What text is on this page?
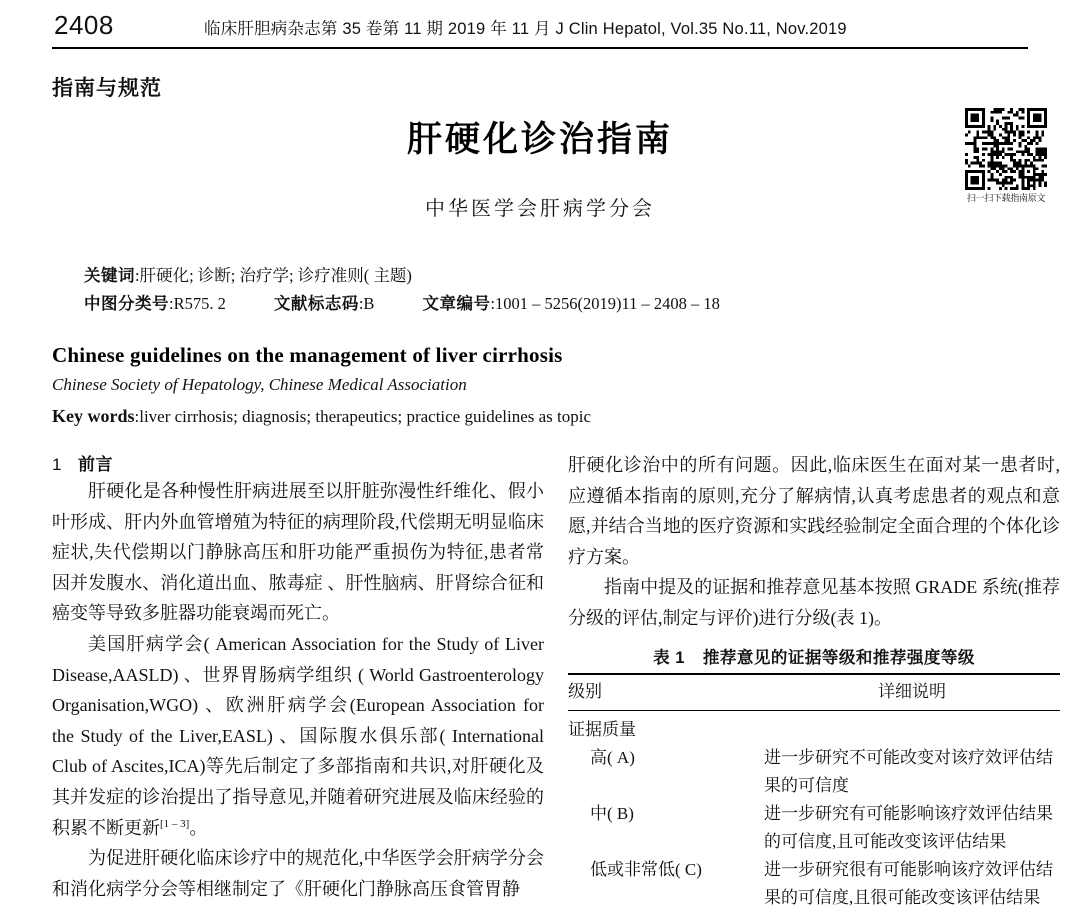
2408	临床肝胆病杂志第 35 卷第 11 期 2019 年 11 月 J Clin Hepatol, Vol.35 No.11, Nov.2019
指南与规范
扫一扫下载指南原文
肝硬化诊治指南
中华医学会肝病学分会
关键词:肝硬化; 诊断; 治疗学; 诊疗准则( 主题)
中图分类号:R575. 2	文献标志码:B	文章编号:1001 – 5256(2019)11 – 2408 – 18
Chinese guidelines on the management of liver cirrhosis
Chinese Society of Hepatology, Chinese Medical Association
Key words:liver cirrhosis; diagnosis; therapeutics; practice guidelines as topic
1 前言

肝硬化是各种慢性肝病进展至以肝脏弥漫性纤维化、假小叶形成、肝内外血管增殖为特征的病理阶段,代偿期无明显临床症状,失代偿期以门静脉高压和肝功能严重损伤为特征,患者常因并发腹水、消化道出血、脓毒症 、肝性脑病、肝肾综合征和癌变等导致多脏器功能衰竭而死亡。

美国肝病学会( American Association for the Study of Liver Disease,AASLD) 、世界胃肠病学组织 ( World Gastroenterology Organisation,WGO) 、欧洲肝病学会(European Association for the Study of the Liver,EASL) 、国际腹水俱乐部( International Club of Ascites,ICA)等先后制定了多部指南和共识,对肝硬化及其并发症的诊治提出了指导意见,并随着研究进展及临床经验的积累不断更新[1 – 3]。

为促进肝硬化临床诊疗中的规范化,中华医学会肝病学分会和消化病学分会等相继制定了《肝硬化门静脉高压食管胃静

肝硬化诊治中的所有问题。因此,临床医生在面对某一患者时,应遵循本指南的原则,充分了解病情,认真考虑患者的观点和意愿,并结合当地的医疗资源和实践经验制定全面合理的个体化诊疗方案。

指南中提及的证据和推荐意见基本按照 GRADE 系统(推荐分级的评估,制定与评价)进行分级(表 1)。

表 1 推荐意见的证据等级和推荐强度等级
级别	详细说明
证据质量	
高( A)	进一步研究不可能改变对该疗效评估结果的可信度
中( B)	进一步研究有可能影响该疗效评估结果的可信度,且可能改变该评估结果
低或非常低( C)	进一步研究很有可能影响该疗效评估结果的可信度,且很可能改变该评估结果
